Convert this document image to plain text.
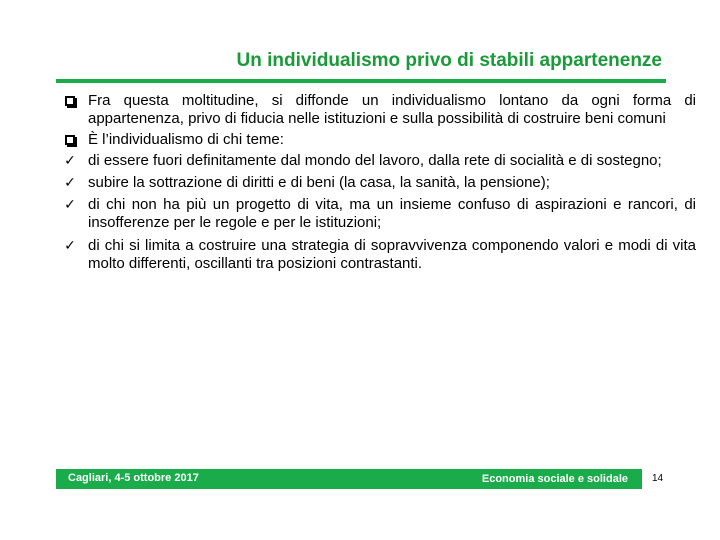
Un individualismo privo di stabili appartenenze
Fra questa moltitudine, si diffonde un individualismo lontano da ogni forma di appartenenza, privo di fiducia nelle istituzioni e sulla possibilità di costruire beni comuni
È l’individualismo di chi teme:
✓ di essere fuori definitamente dal mondo del lavoro, dalla rete di socialità e di sostegno;
✓ subire la sottrazione di diritti e di beni (la casa, la sanità, la pensione);
✓ di chi non ha più un progetto di vita, ma un insieme confuso di aspirazioni e rancori, di insofferenze per le regole e per le istituzioni;
✓ di chi si limita a costruire una strategia di sopravvivenza componendo valori e modi di vita molto differenti, oscillanti tra posizioni contrastanti.
Cagliari, 4-5 ottobre 2017	Economia sociale e solidale 14
